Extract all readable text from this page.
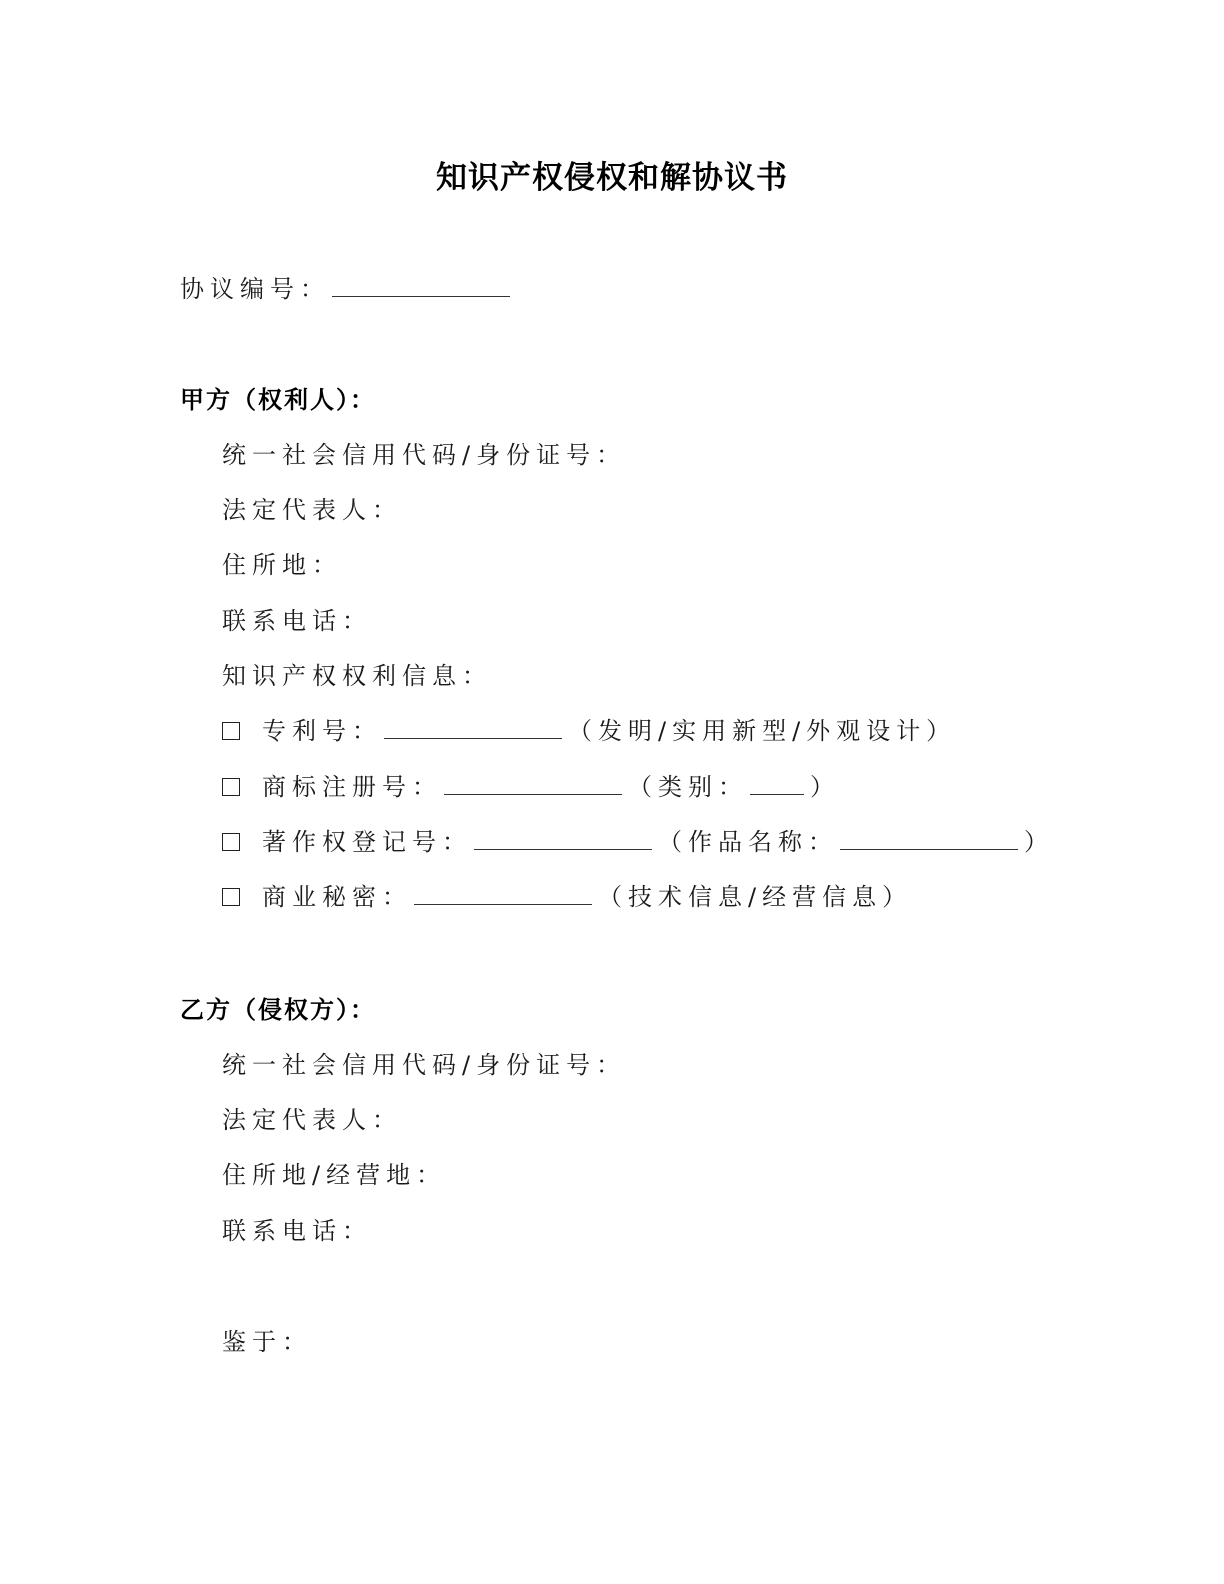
知识产权侵权和解协议书
协议编号：
甲方（权利人）：
统一社会信用代码/身份证号：
法定代表人：
住所地：
联系电话：
知识产权权利信息：
专利号：	（发明/实用新型/外观设计）
商标注册号：	（类别：	）
著作权登记号：	（作品名称：	）
商业秘密：	（技术信息/经营信息）
乙方（侵权方）：
统一社会信用代码/身份证号：
法定代表人：
住所地/经营地：
联系电话：
鉴于：
